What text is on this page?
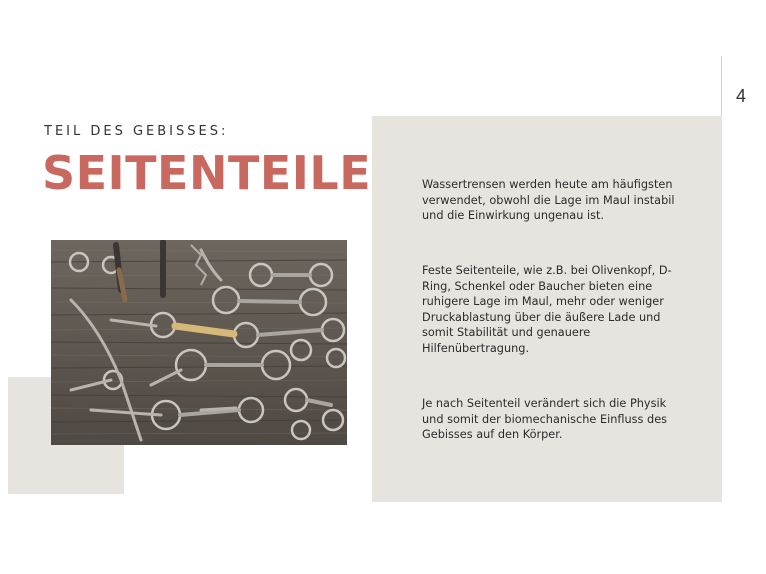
4
TEIL DES GEBISSES:
SEITENTEILE	Wassertrensen werden heute am häufigsten verwendet, obwohl die Lage im Maul instabil und die Einwirkung ungenau ist.

Feste Seitenteile, wie z.B. bei Olivenkopf, D-Ring, Schenkel oder Baucher bieten eine ruhigere Lage im Maul, mehr oder weniger Druckablastung über die äußere Lade und somit Stabilität und genauere Hilfenübertragung.

Je nach Seitenteil verändert sich die Physik und somit der biomechanische Einfluss des Gebisses auf den Körper.
